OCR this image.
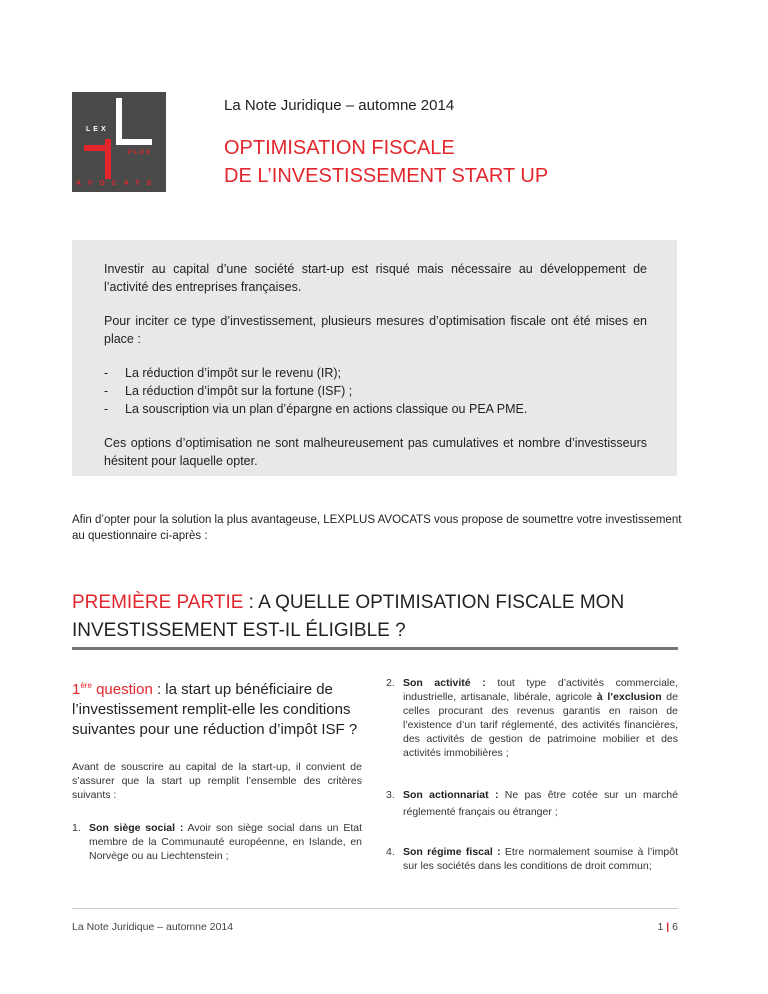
LEX
PLUS
AVOCATS
La Note Juridique – automne 2014
OPTIMISATION FISCALE
DE L’INVESTISSEMENT START UP

Investir au capital d’une société start-up est risqué mais nécessaire au développement de l’activité des entreprises françaises.

Pour inciter ce type d’investissement, plusieurs mesures d’optimisation fiscale ont été mises en place :

- La réduction d’impôt sur le revenu (IR);
- La réduction d’impôt sur la fortune (ISF) ;
- La souscription via un plan d’épargne en actions classique ou PEA PME.

Ces options d’optimisation ne sont malheureusement pas cumulatives et nombre d’investisseurs hésitent pour laquelle opter.

Afin d’opter pour la solution la plus avantageuse, LEXPLUS AVOCATS vous propose de soumettre votre investissement au questionnaire ci-après :
PREMIÈRE PARTIE : A QUELLE OPTIMISATION FISCALE MON INVESTISSEMENT EST-IL ÉLIGIBLE ?
1ère question : la start up bénéficiaire de l’investissement remplit-elle les conditions suivantes pour une réduction d’impôt ISF ?
Avant de souscrire au capital de la start-up, il convient de s’assurer que la start up remplit l’ensemble des critères suivants :
1. Son siège social : Avoir son siège social dans un Etat membre de la Communauté européenne, en Islande, en Norvège ou au Liechtenstein ;
2. Son activité : tout type d’activités commerciale, industrielle, artisanale, libérale, agricole à l’exclusion de celles procurant des revenus garantis en raison de l’existence d’un tarif réglementé, des activités financières, des activités de gestion de patrimoine mobilier et des activités immobilières ;
3. Son actionnariat : Ne pas être cotée sur un marché réglementé français ou étranger ;
4. Son régime fiscal : Etre normalement soumise à l’impôt sur les sociétés dans les conditions de droit commun;
La Note Juridique – automne 2014	1 | 6
